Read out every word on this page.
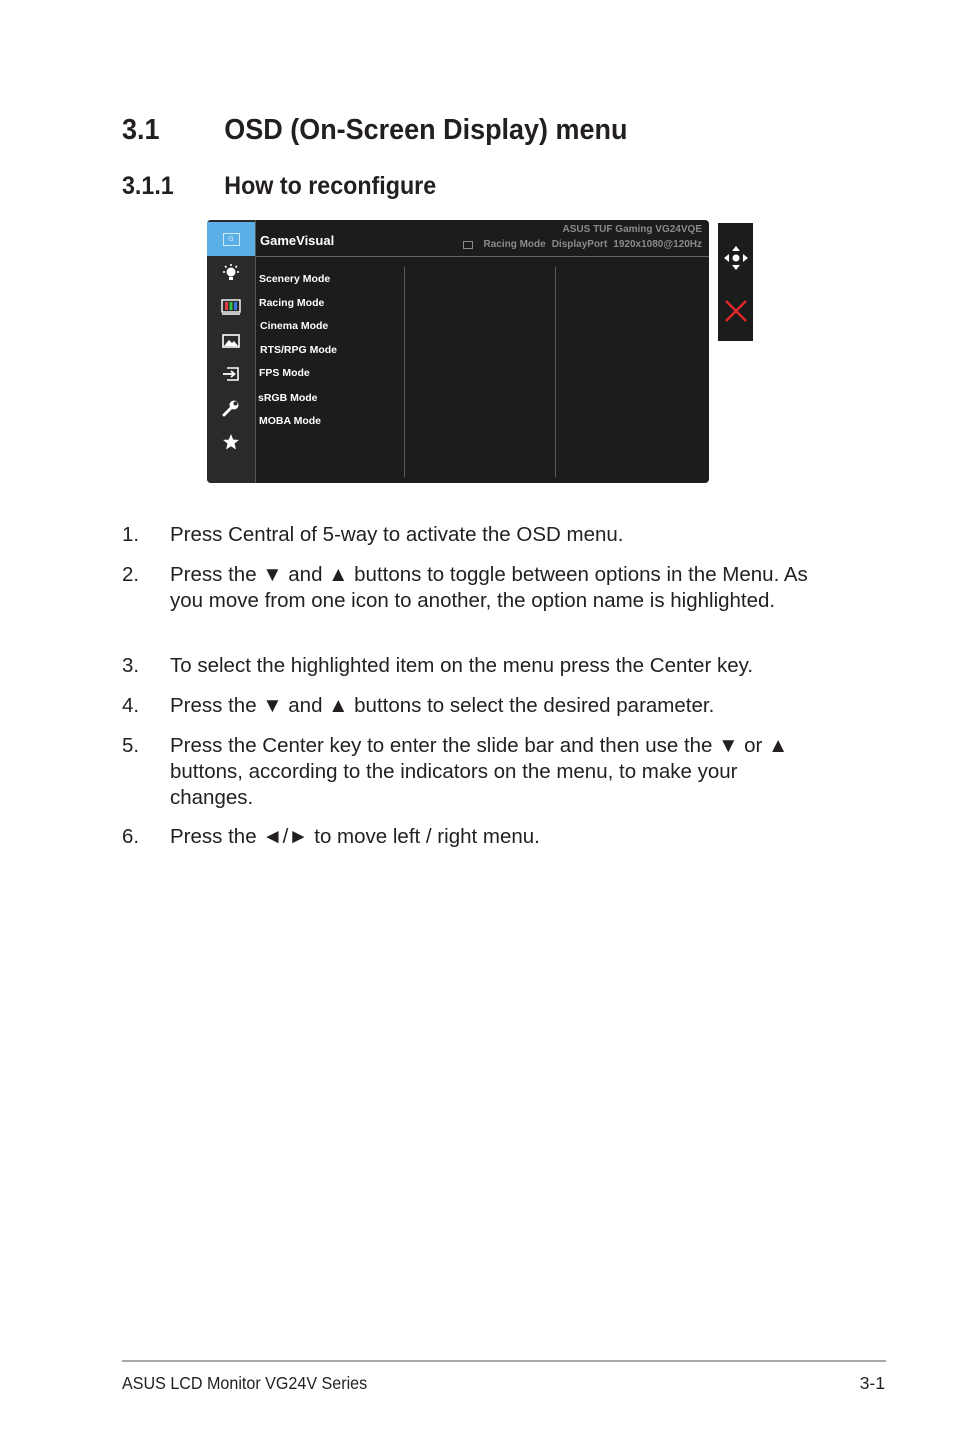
3.1 OSD (On-Screen Display) menu
3.1.1 How to reconfigure
G	GameVisual
ASUS TUF Gaming VG24VQE
Racing Mode DisplayPort 1920x1080@120Hz
Scenery Mode
Racing Mode
Cinema Mode
RTS/RPG Mode
FPS Mode
sRGB Mode
MOBA Mode
1. Press Central of 5-way to activate the OSD menu.
2. Press the ▼ and ▲ buttons to toggle between options in the Menu. As you move from one icon to another, the option name is highlighted.
3. To select the highlighted item on the menu press the Center key.
4. Press the ▼ and ▲ buttons to select the desired parameter.
5. Press the Center key to enter the slide bar and then use the ▼ or ▲ buttons, according to the indicators on the menu, to make your changes.
6. Press the ◄/► to move left / right menu.
ASUS LCD Monitor VG24V Series	3-1
